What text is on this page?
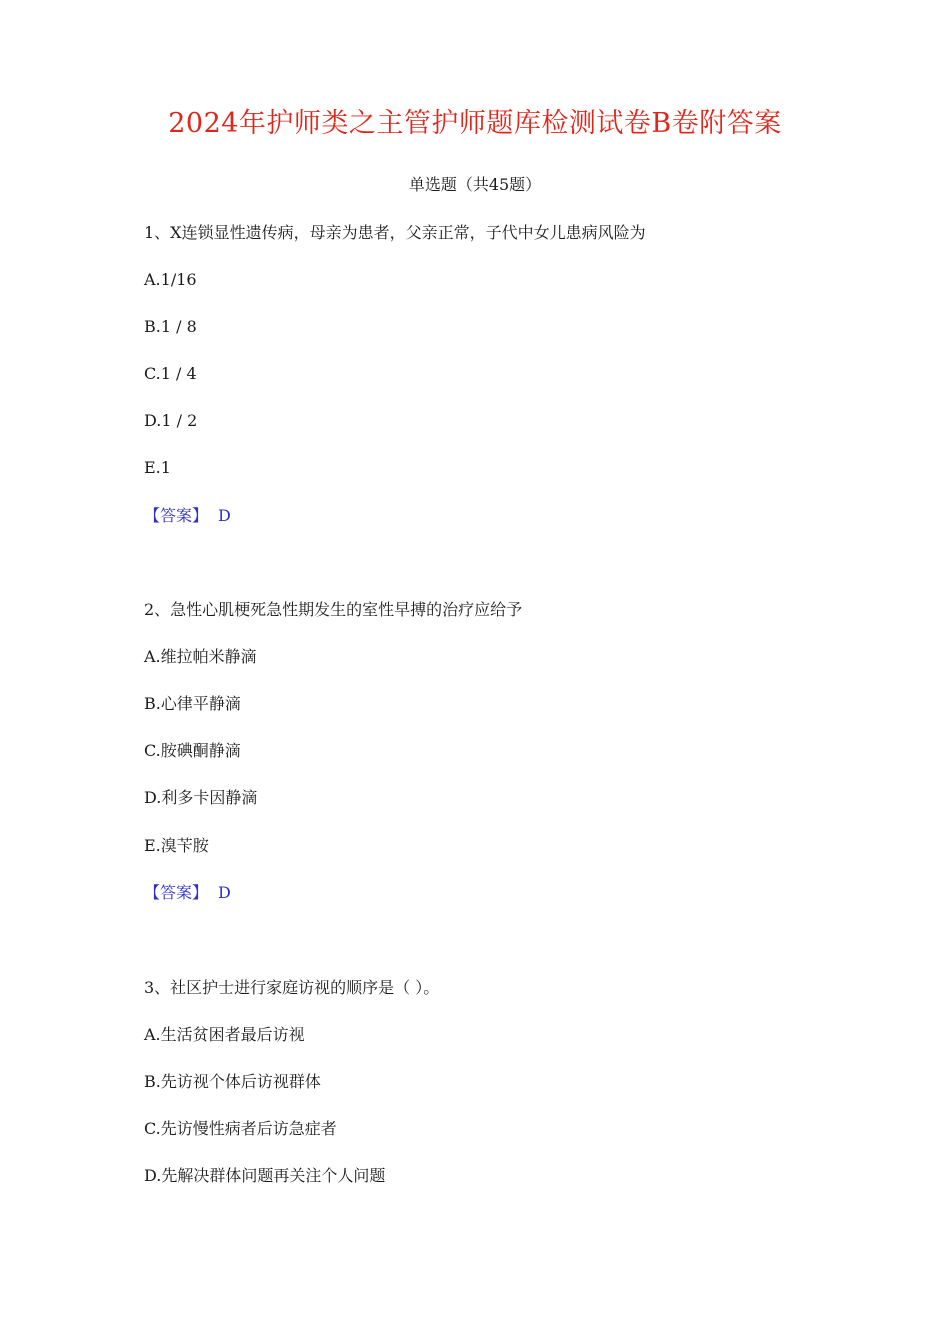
2024年护师类之主管护师题库检测试卷B卷附答案
单选题（共45题）
1、X连锁显性遗传病，母亲为患者，父亲正常，子代中女儿患病风险为
A.1/16
B.1 / 8
C.1 / 4
D.1 / 2
E.1
【答案】 D
2、急性心肌梗死急性期发生的室性早搏的治疗应给予
A.维拉帕米静滴
B.心律平静滴
C.胺碘酮静滴
D.利多卡因静滴
E.溴苄胺
【答案】 D
3、社区护士进行家庭访视的顺序是（ ）。
A.生活贫困者最后访视
B.先访视个体后访视群体
C.先访慢性病者后访急症者
D.先解决群体问题再关注个人问题
